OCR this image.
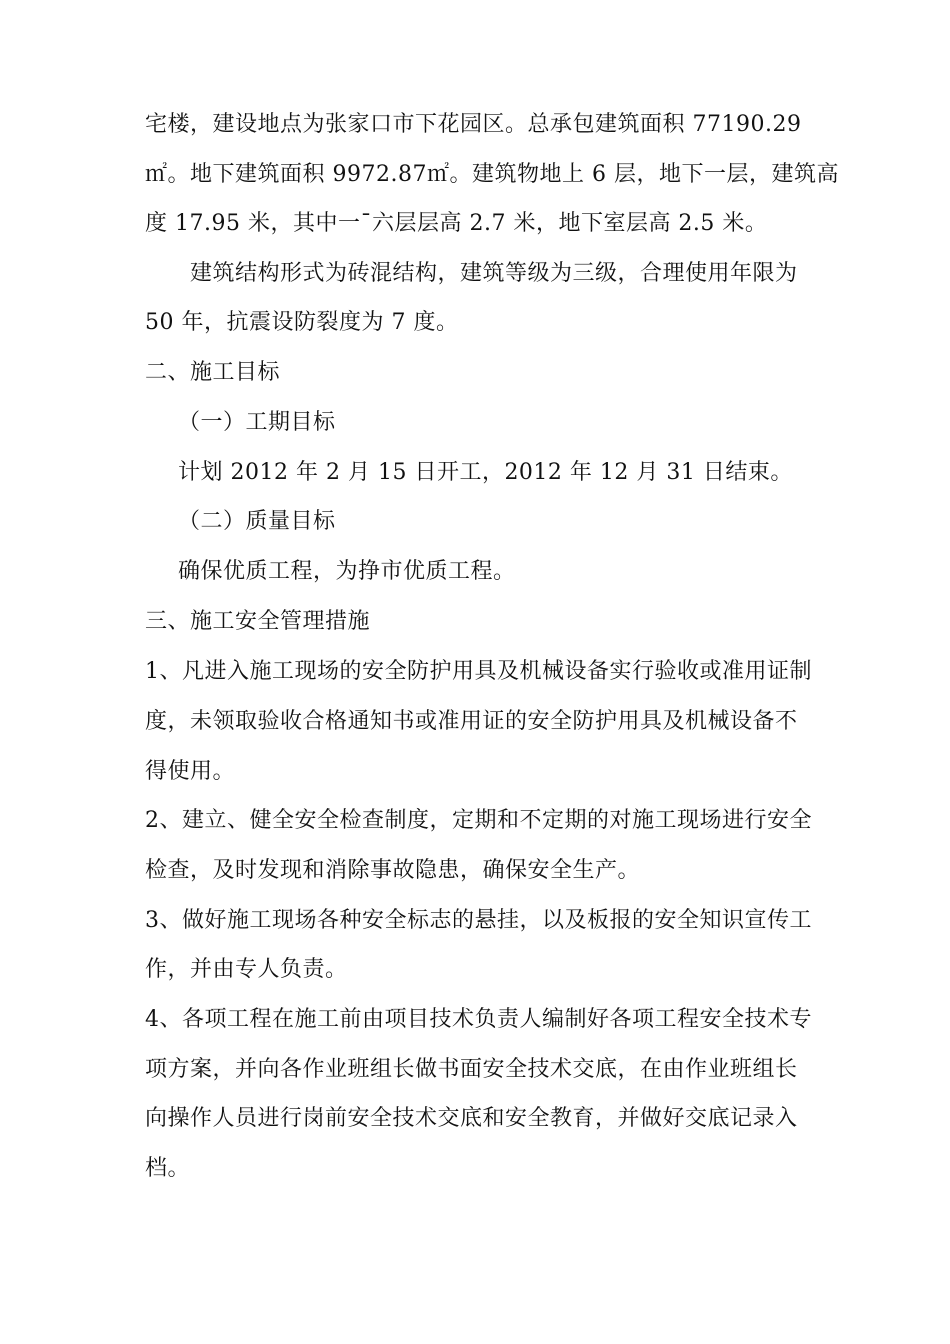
宅楼，建设地点为张家口市下花园区。总承包建筑面积 77190.29
㎡。地下建筑面积 9972.87㎡。建筑物地上 6 层，地下一层，建筑高
度 17.95 米，其中一¯六层层高 2.7 米，地下室层高 2.5 米。
建筑结构形式为砖混结构，建筑等级为三级，合理使用年限为
50 年，抗震设防裂度为 7 度。
二、施工目标
（一）工期目标
计划 2012 年 2 月 15 日开工，2012 年 12 月 31 日结束。
（二）质量目标
确保优质工程，为挣市优质工程。
三、施工安全管理措施
1、凡进入施工现场的安全防护用具及机械设备实行验收或准用证制
度，未领取验收合格通知书或准用证的安全防护用具及机械设备不
得使用。
2、建立、健全安全检查制度，定期和不定期的对施工现场进行安全
检查，及时发现和消除事故隐患，确保安全生产。
3、做好施工现场各种安全标志的悬挂，以及板报的安全知识宣传工
作，并由专人负责。
4、各项工程在施工前由项目技术负责人编制好各项工程安全技术专
项方案，并向各作业班组长做书面安全技术交底，在由作业班组长
向操作人员进行岗前安全技术交底和安全教育，并做好交底记录入
档。
